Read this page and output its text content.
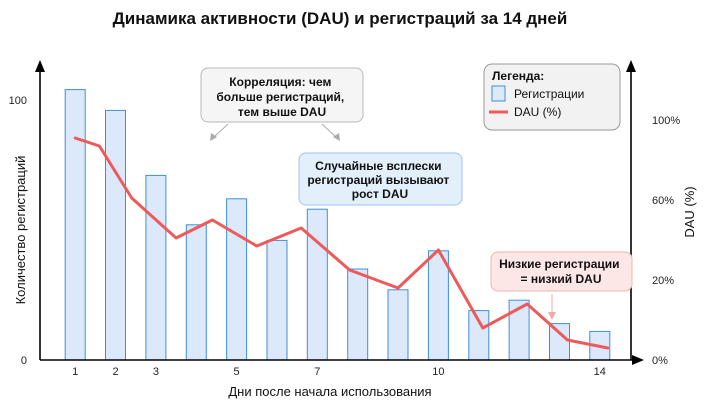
Динамика активности (DAU) и регистраций за 14 дней
1	2	3	5	7	10	14
0
100
0%
20%
60%
100%
Дни после начала использования
Количество регистраций	DAU (%)
Корреляция: чем больше регистраций, тем выше DAU
Случайные всплески регистраций вызывают рост DAU
Низкие регистрации = низкий DAU
Легенда:
Регистрации
DAU (%)
